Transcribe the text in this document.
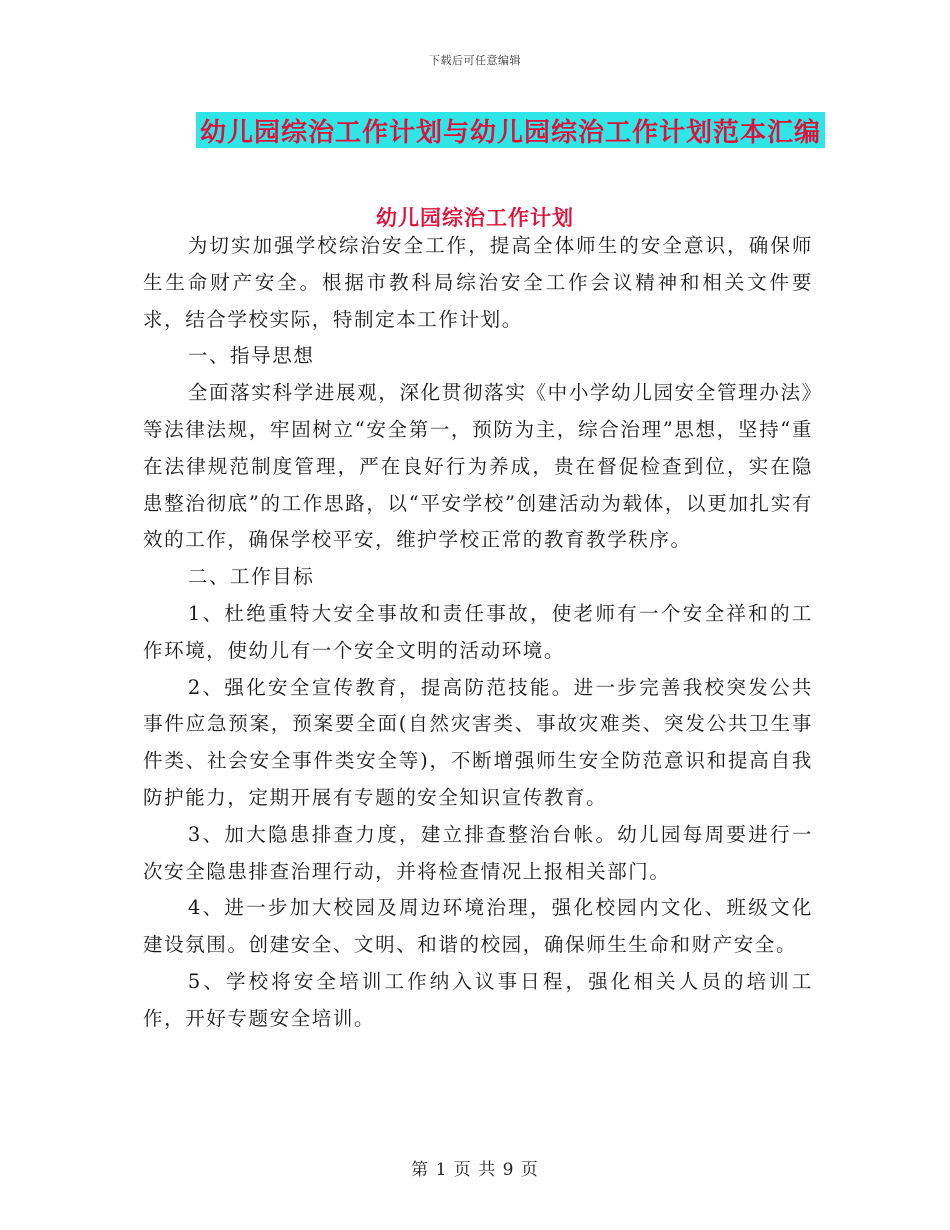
下载后可任意编辑
幼儿园综治工作计划与幼儿园综治工作计划范本汇编
幼儿园综治工作计划

为切实加强学校综治安全工作，提高全体师生的安全意识，确保师生生命财产安全。根据市教科局综治安全工作会议精神和相关文件要求，结合学校实际，特制定本工作计划。

一、指导思想

全面落实科学进展观，深化贯彻落实《中小学幼儿园安全管理办法》等法律法规，牢固树立“安全第一，预防为主，综合治理”思想，坚持“重在法律规范制度管理，严在良好行为养成，贵在督促检查到位，实在隐患整治彻底”的工作思路，以“平安学校”创建活动为载体，以更加扎实有效的工作，确保学校平安，维护学校正常的教育教学秩序。

二、工作目标

1、杜绝重特大安全事故和责任事故，使老师有一个安全祥和的工作环境，使幼儿有一个安全文明的活动环境。

2、强化安全宣传教育，提高防范技能。进一步完善我校突发公共事件应急预案，预案要全面(自然灾害类、事故灾难类、突发公共卫生事件类、社会安全事件类安全等)，不断增强师生安全防范意识和提高自我防护能力，定期开展有专题的安全知识宣传教育。

3、加大隐患排查力度，建立排查整治台帐。幼儿园每周要进行一次安全隐患排查治理行动，并将检查情况上报相关部门。

4、进一步加大校园及周边环境治理，强化校园内文化、班级文化建设氛围。创建安全、文明、和谐的校园，确保师生生命和财产安全。

5、学校将安全培训工作纳入议事日程，强化相关人员的培训工作，开好专题安全培训。

第 1 页 共 9 页
